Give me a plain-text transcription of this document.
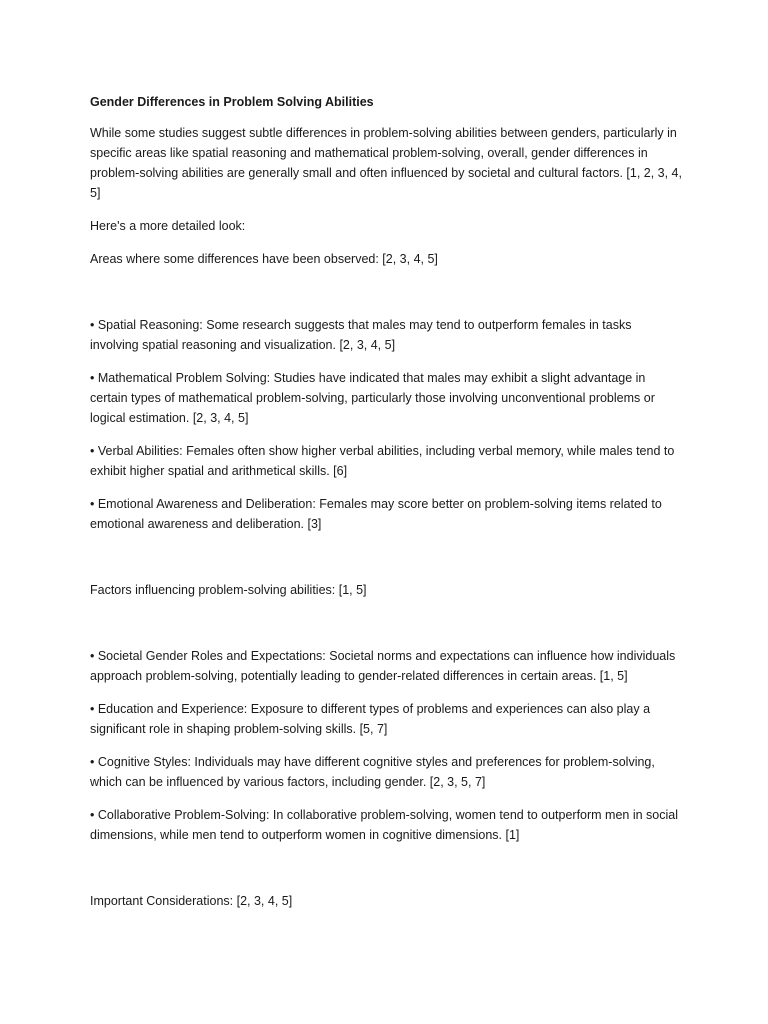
Gender Differences in Problem Solving Abilities

While some studies suggest subtle differences in problem-solving abilities between genders, particularly in specific areas like spatial reasoning and mathematical problem-solving, overall, gender differences in problem-solving abilities are generally small and often influenced by societal and cultural factors. [1, 2, 3, 4, 5]

Here's a more detailed look:

Areas where some differences have been observed: [2, 3, 4, 5]

• Spatial Reasoning: Some research suggests that males may tend to outperform females in tasks involving spatial reasoning and visualization. [2, 3, 4, 5]

• Mathematical Problem Solving: Studies have indicated that males may exhibit a slight advantage in certain types of mathematical problem-solving, particularly those involving unconventional problems or logical estimation. [2, 3, 4, 5]

• Verbal Abilities: Females often show higher verbal abilities, including verbal memory, while males tend to exhibit higher spatial and arithmetical skills. [6]

• Emotional Awareness and Deliberation: Females may score better on problem-solving items related to emotional awareness and deliberation. [3]

Factors influencing problem-solving abilities: [1, 5]

• Societal Gender Roles and Expectations: Societal norms and expectations can influence how individuals approach problem-solving, potentially leading to gender-related differences in certain areas. [1, 5]

• Education and Experience: Exposure to different types of problems and experiences can also play a significant role in shaping problem-solving skills. [5, 7]

• Cognitive Styles: Individuals may have different cognitive styles and preferences for problem-solving, which can be influenced by various factors, including gender. [2, 3, 5, 7]

• Collaborative Problem-Solving: In collaborative problem-solving, women tend to outperform men in social dimensions, while men tend to outperform women in cognitive dimensions. [1]

Important Considerations: [2, 3, 4, 5]
